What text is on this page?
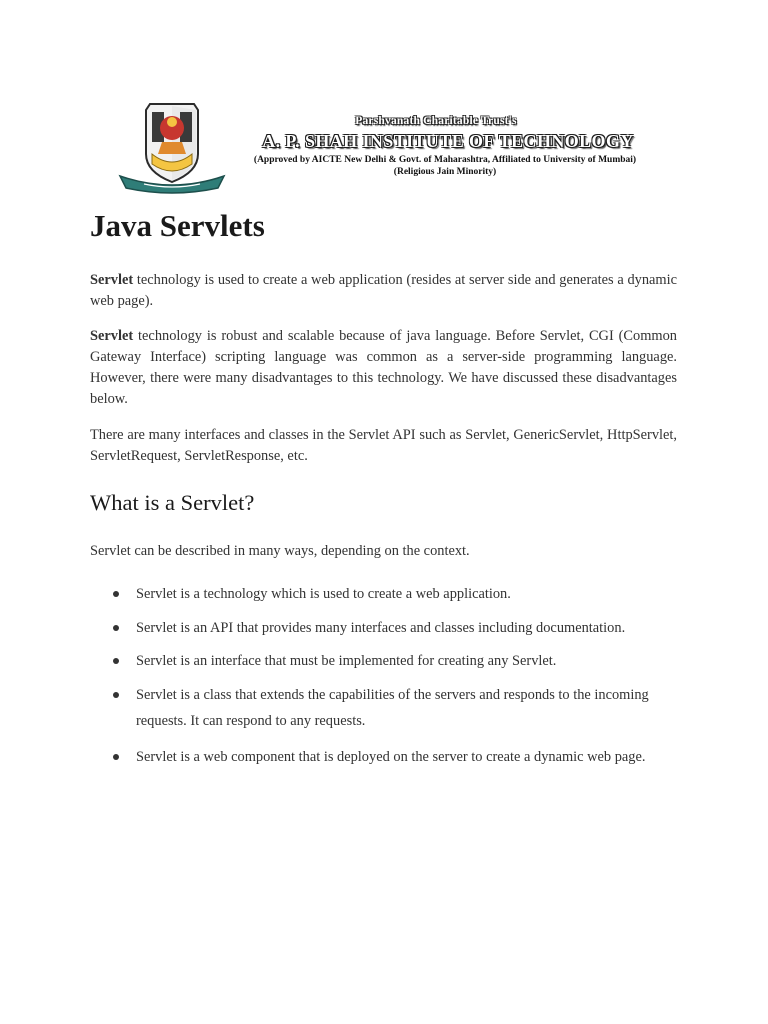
Parshvanath Charitable Trust's
A. P. SHAH INSTITUTE OF TECHNOLOGY
(Approved by AICTE New Delhi & Govt. of Maharashtra, Affiliated to University of Mumbai)
(Religious Jain Minority)
Java Servlets

Servlet technology is used to create a web application (resides at server side and generates a dynamic web page).

Servlet technology is robust and scalable because of java language. Before Servlet, CGI (Common Gateway Interface) scripting language was common as a server-side programming language. However, there were many disadvantages to this technology. We have discussed these disadvantages below.

There are many interfaces and classes in the Servlet API such as Servlet, GenericServlet, HttpServlet, ServletRequest, ServletResponse, etc.

What is a Servlet?

Servlet can be described in many ways, depending on the context.

Servlet is a technology which is used to create a web application.
Servlet is an API that provides many interfaces and classes including documentation.
Servlet is an interface that must be implemented for creating any Servlet.
Servlet is a class that extends the capabilities of the servers and responds to the incoming requests. It can respond to any requests.
Servlet is a web component that is deployed on the server to create a dynamic web page.
